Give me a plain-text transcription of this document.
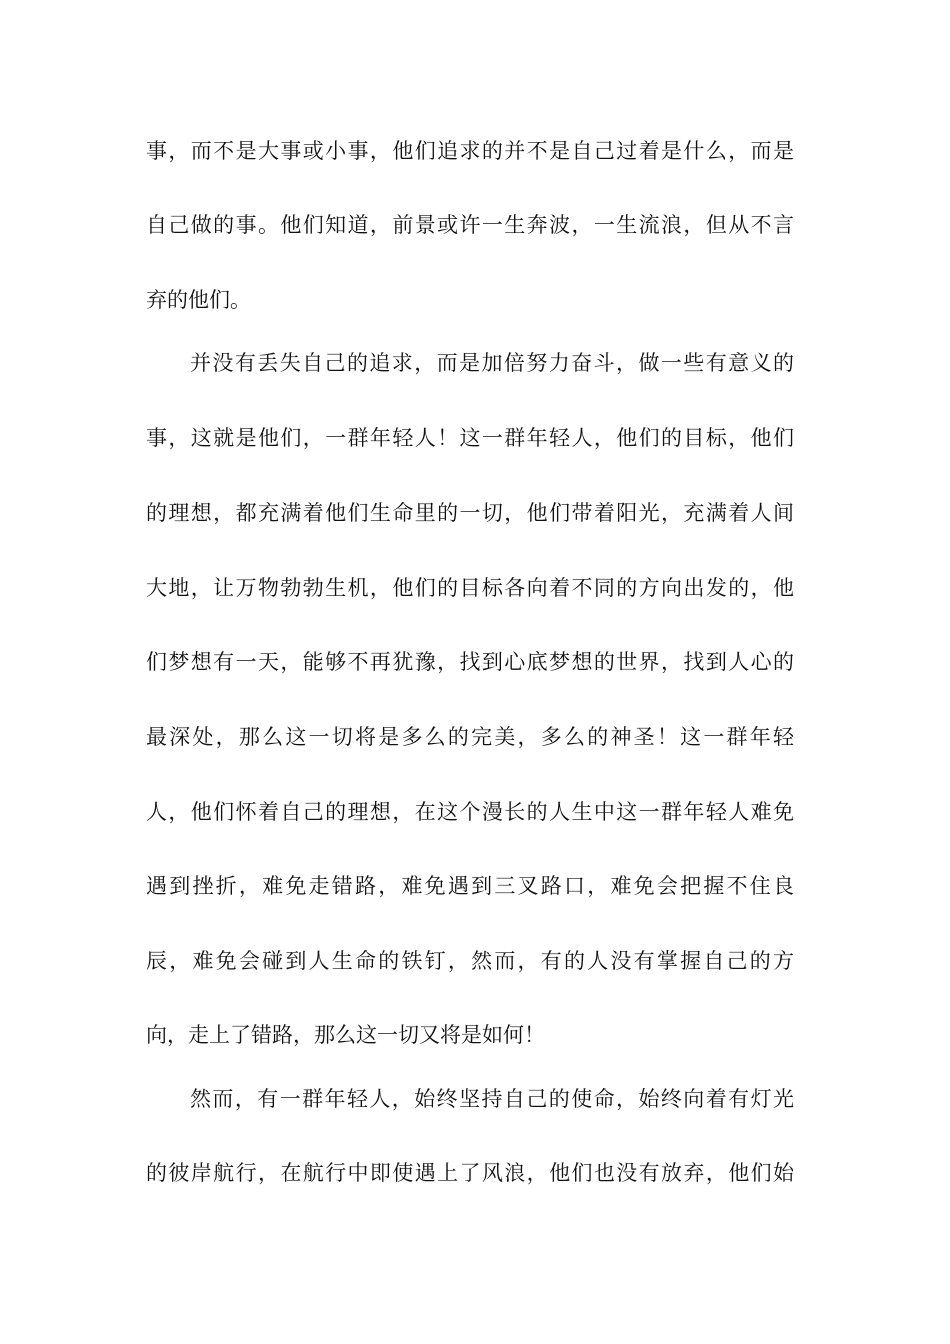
事，而不是大事或小事，他们追求的并不是自己过着是什么，而是
自己做的事。他们知道，前景或许一生奔波，一生流浪，但从不言
弃的他们。
并没有丢失自己的追求，而是加倍努力奋斗，做一些有意义的
事，这就是他们，一群年轻人！这一群年轻人，他们的目标，他们
的理想，都充满着他们生命里的一切，他们带着阳光，充满着人间
大地，让万物勃勃生机，他们的目标各向着不同的方向出发的，他
们梦想有一天，能够不再犹豫，找到心底梦想的世界，找到人心的
最深处，那么这一切将是多么的完美，多么的神圣！这一群年轻
人，他们怀着自己的理想，在这个漫长的人生中这一群年轻人难免
遇到挫折，难免走错路，难免遇到三叉路口，难免会把握不住良
辰，难免会碰到人生命的铁钉，然而，有的人没有掌握自己的方
向，走上了错路，那么这一切又将是如何！
然而，有一群年轻人，始终坚持自己的使命，始终向着有灯光
的彼岸航行，在航行中即使遇上了风浪，他们也没有放弃，他们始
